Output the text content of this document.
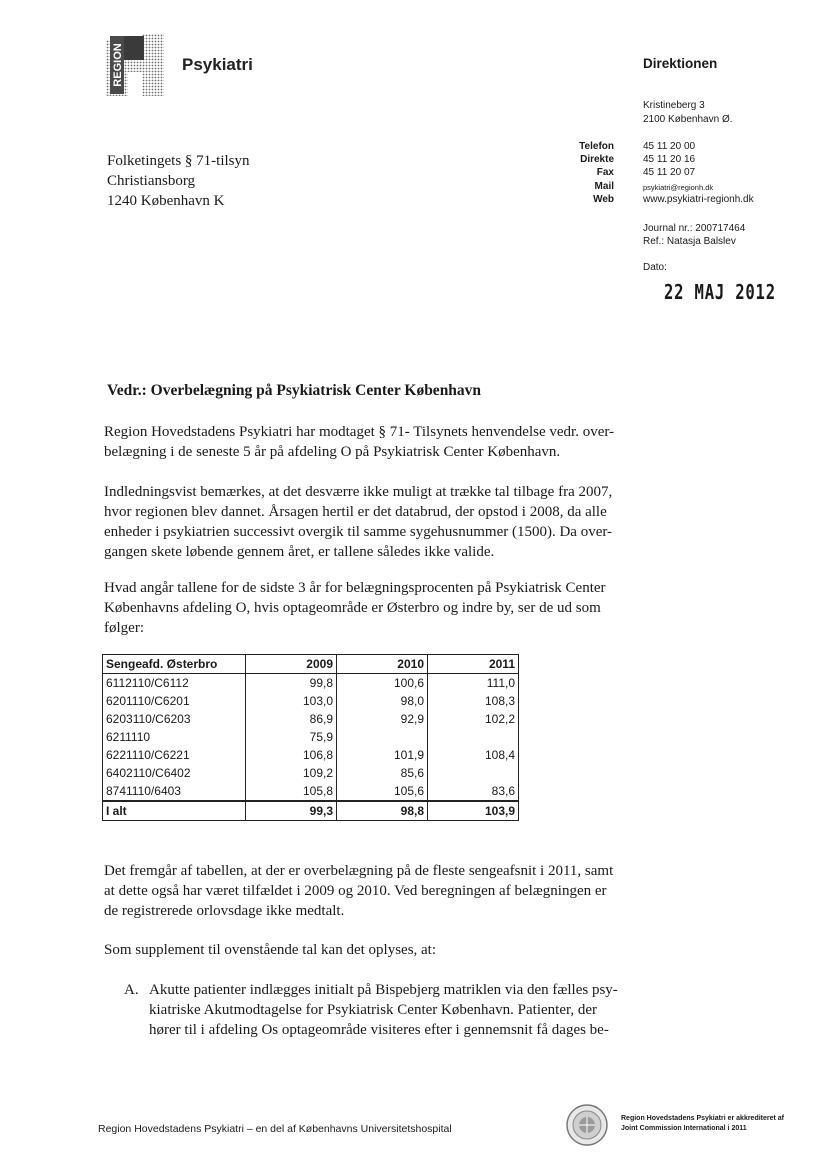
REGION	Psykiatri	Direktionen
Kristineberg 3
2100 København Ø.
Telefon	45 11 20 00
Direkte	45 11 20 16
Fax	45 11 20 07
Mail	psykiatri@regionh.dk
Web	www.psykiatri-regionh.dk
Journal nr.: 200717464
Ref.: Natasja Balslev
Dato:
22 MAJ 2012
Folketingets § 71-tilsyn
Christiansborg
1240 København K
Vedr.: Overbelægning på Psykiatrisk Center København
Region Hovedstadens Psykiatri har modtaget § 71- Tilsynets henvendelse vedr. over-
belægning i de seneste 5 år på afdeling O på Psykiatrisk Center København.
Indledningsvist bemærkes, at det desværre ikke muligt at trække tal tilbage fra 2007,
hvor regionen blev dannet. Årsagen hertil er det databrud, der opstod i 2008, da alle
enheder i psykiatrien successivt overgik til samme sygehusnummer (1500). Da over-
gangen skete løbende gennem året, er tallene således ikke valide.
Hvad angår tallene for de sidste 3 år for belægningsprocenten på Psykiatrisk Center
Københavns afdeling O, hvis optageområde er Østerbro og indre by, ser de ud som
følger:
Sengeafd. Østerbro	2009	2010	2011
6112110/C6112	99,8	100,6	111,0
6201110/C6201	103,0	98,0	108,3
6203110/C6203	86,9	92,9	102,2
6211110	75,9		
6221110/C6221	106,8	101,9	108,4
6402110/C6402	109,2	85,6	
8741110/6403	105,8	105,6	83,6
I alt	99,3	98,8	103,9
Det fremgår af tabellen, at der er overbelægning på de fleste sengeafsnit i 2011, samt
at dette også har været tilfældet i 2009 og 2010. Ved beregningen af belægningen er
de registrerede orlovsdage ikke medtalt.
Som supplement til ovenstående tal kan det oplyses, at:
A. Akutte patienter indlægges initialt på Bispebjerg matriklen via den fælles psy-
kiatriske Akutmodtagelse for Psykiatrisk Center København. Patienter, der
hører til i afdeling Os optageområde visiteres efter i gennemsnit få dages be-
Region Hovedstadens Psykiatri – en del af Københavns Universitetshospital
Region Hovedstadens Psykiatri er akkrediteret af
Joint Commission International i 2011
